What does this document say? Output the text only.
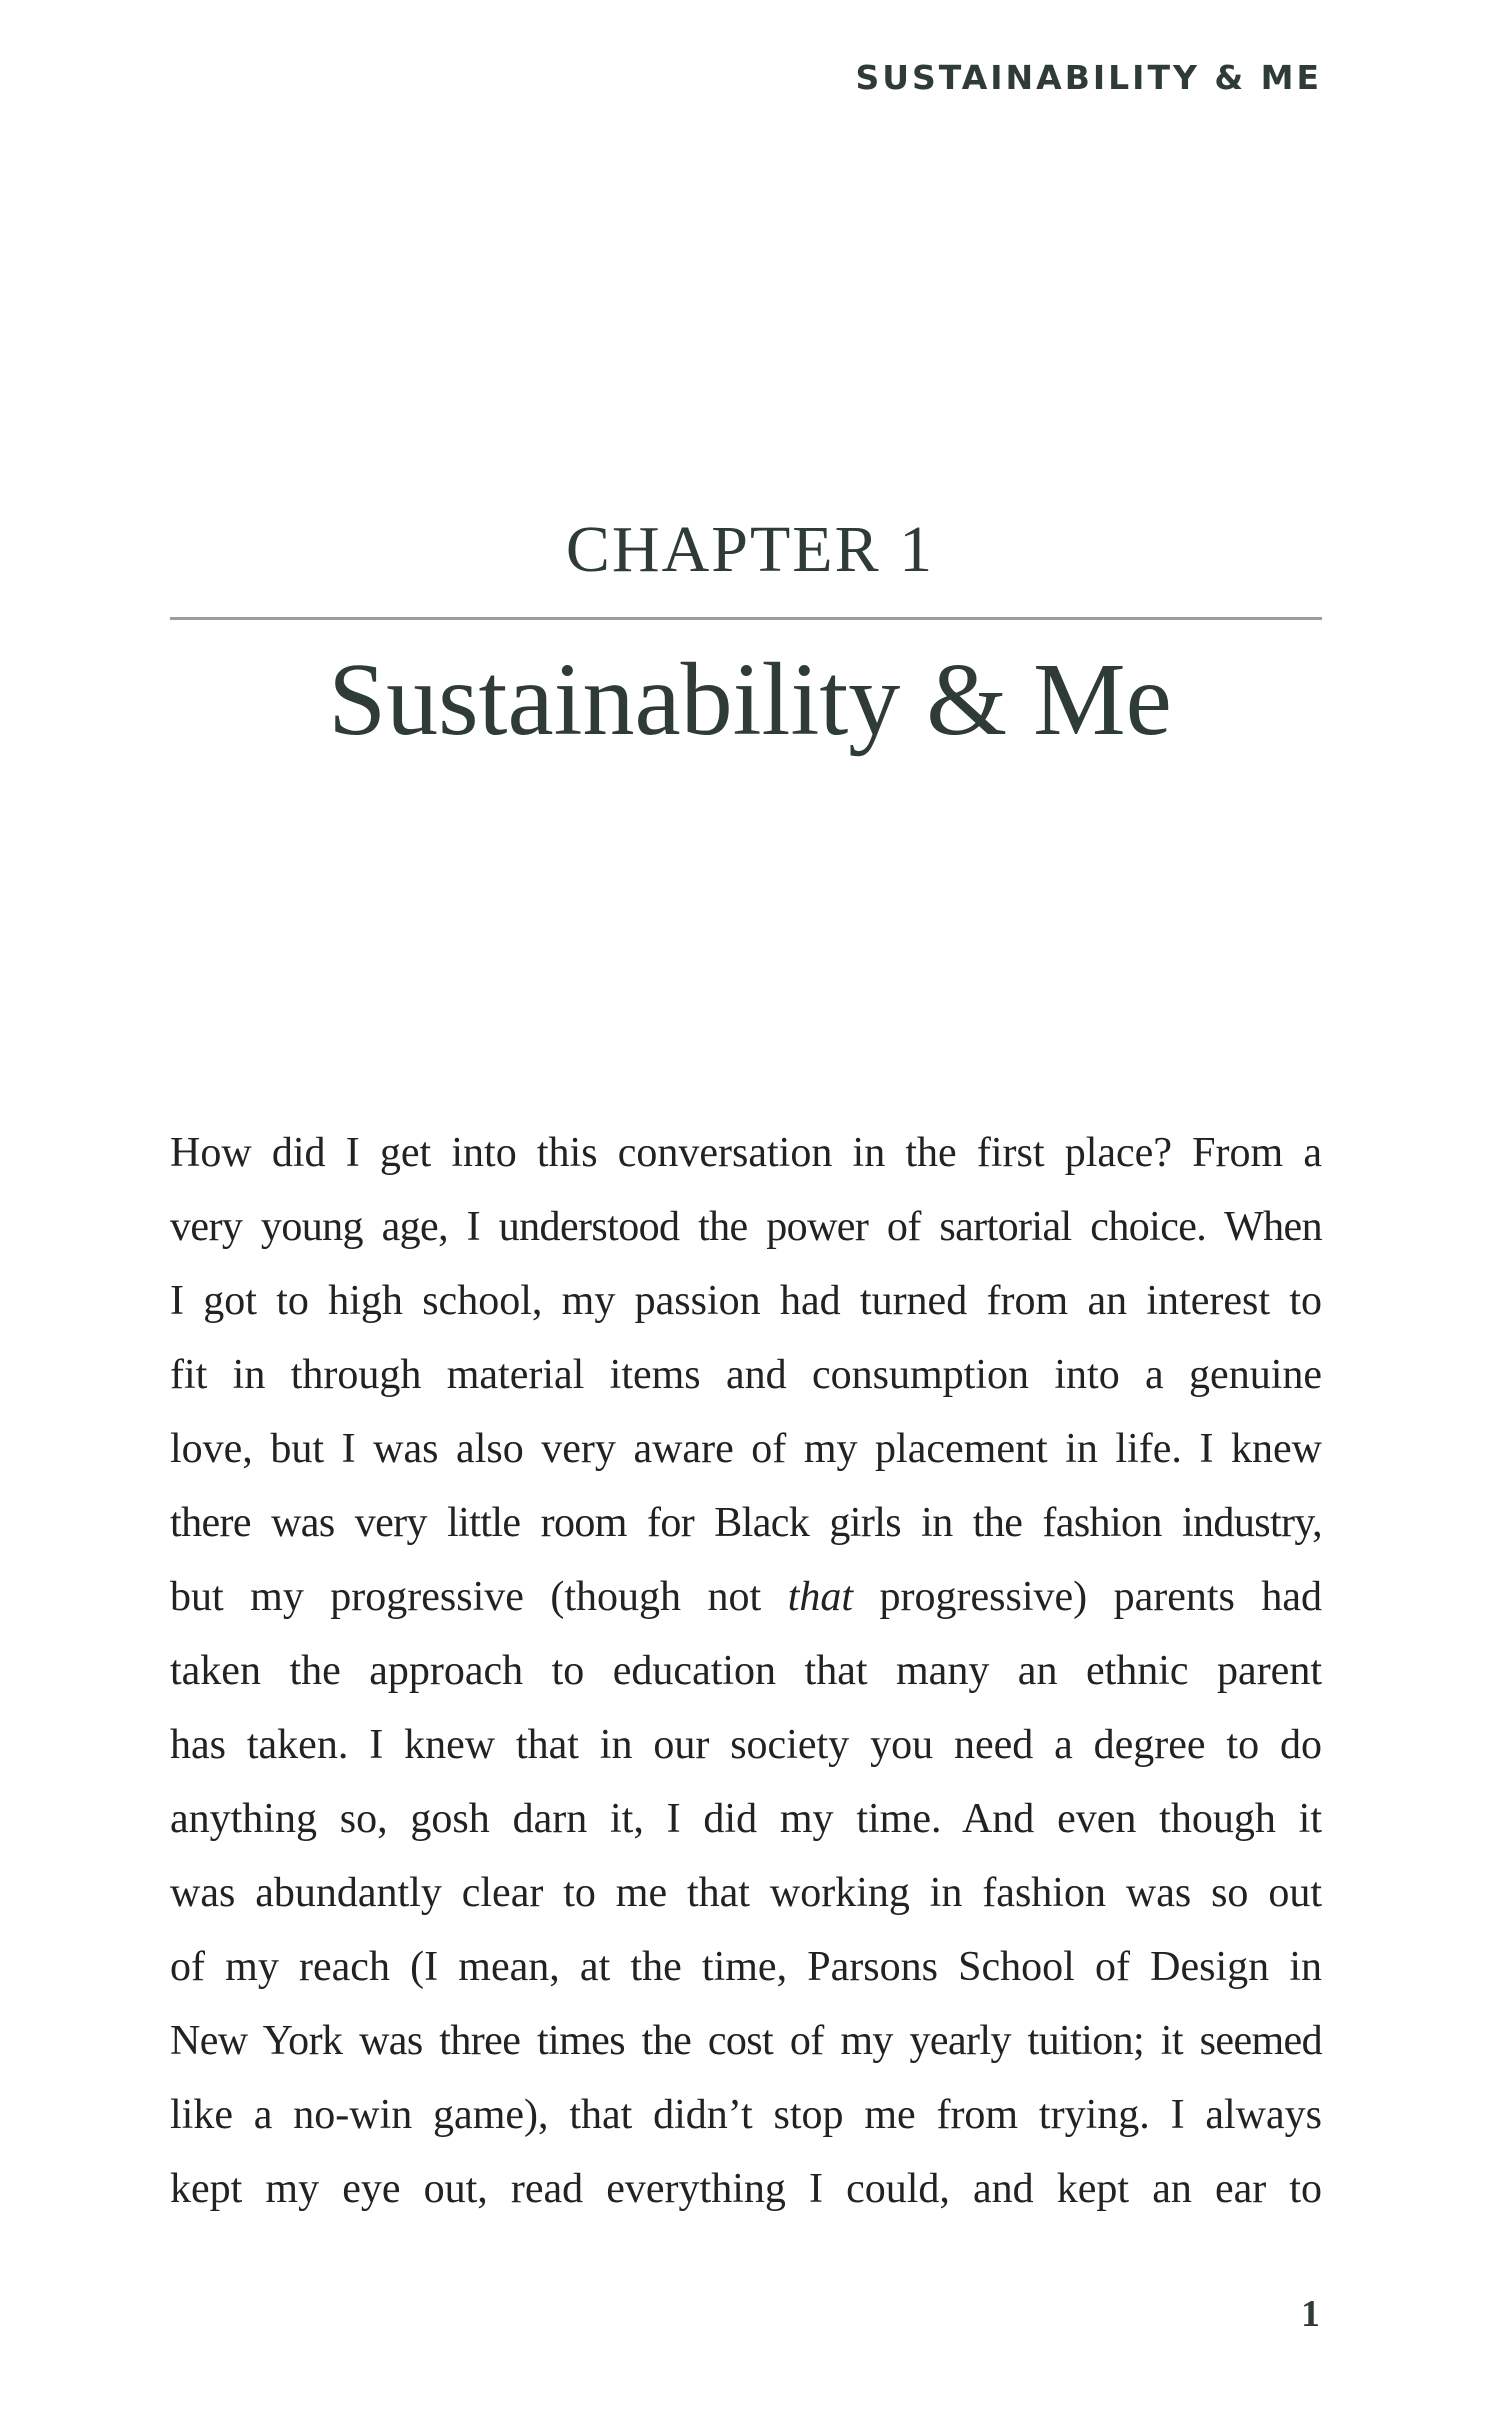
SUSTAINABILITY & ME
CHAPTER 1
Sustainability & Me
How did I get into this conversation in the first place? From a
very young age, I understood the power of sartorial choice. When
I got to high school, my passion had turned from an interest to
fit in through material items and consumption into a genuine
love, but I was also very aware of my placement in life. I knew
there was very little room for Black girls in the fashion industry,
but my progressive (though not that progressive) parents had
taken the approach to education that many an ethnic parent
has taken. I knew that in our society you need a degree to do
anything so, gosh darn it, I did my time. And even though it
was abundantly clear to me that working in fashion was so out
of my reach (I mean, at the time, Parsons School of Design in
New York was three times the cost of my yearly tuition; it seemed
like a no-win game), that didn’t stop me from trying. I always
kept my eye out, read everything I could, and kept an ear to
1
